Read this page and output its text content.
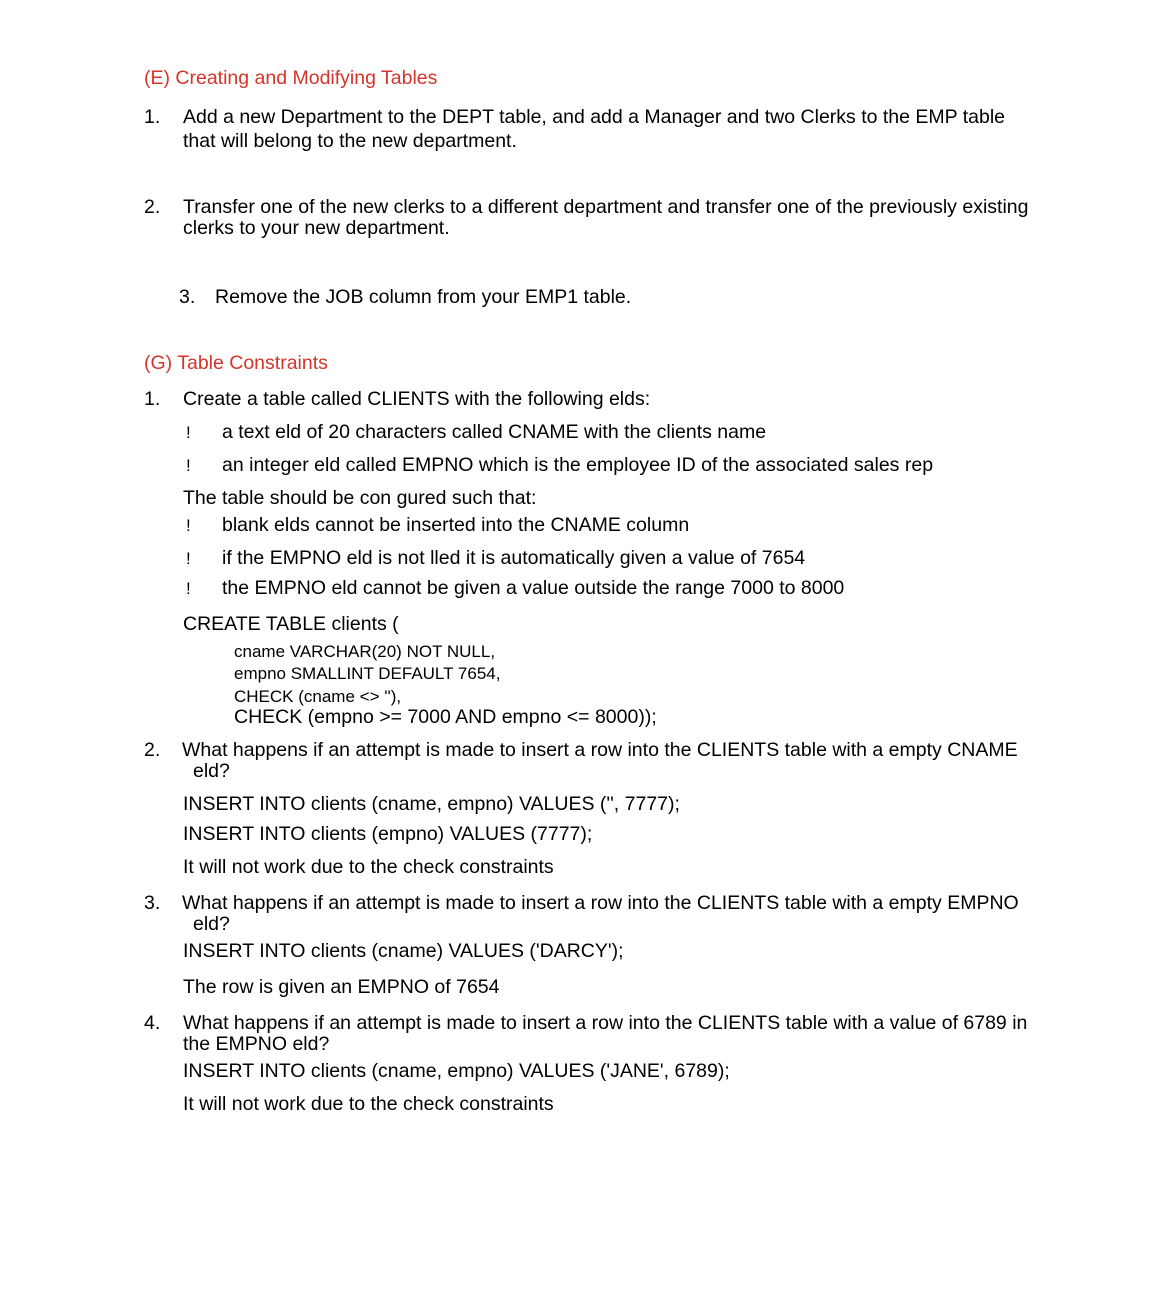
(E) Creating and Modifying Tables
1. Add a new Department to the DEPT table, and add a Manager and two Clerks to the EMP table
that will belong to the new department.
2. Transfer one of the new clerks to a different department and transfer one of the previously existing
clerks to your new department.
3. Remove the JOB column from your EMP1 table.
(G) Table Constraints
1. Create a table called CLIENTS with the following elds:
! a text eld of 20 characters called CNAME with the clients name
! an integer eld called EMPNO which is the employee ID of the associated sales rep
The table should be con gured such that:
! blank elds cannot be inserted into the CNAME column
! if the EMPNO eld is not lled it is automatically given a value of 7654
! the EMPNO eld cannot be given a value outside the range 7000 to 8000
CREATE TABLE clients (
cname VARCHAR(20) NOT NULL,
empno SMALLINT DEFAULT 7654,
CHECK (cname <> ''),
CHECK (empno >= 7000 AND empno <= 8000));
2. What happens if an attempt is made to insert a row into the CLIENTS table with a empty CNAME
eld?
INSERT INTO clients (cname, empno) VALUES ('', 7777);
INSERT INTO clients (empno) VALUES (7777);
It will not work due to the check constraints
3. What happens if an attempt is made to insert a row into the CLIENTS table with a empty EMPNO
eld?
INSERT INTO clients (cname) VALUES ('DARCY');
The row is given an EMPNO of 7654
4. What happens if an attempt is made to insert a row into the CLIENTS table with a value of 6789 in
the EMPNO eld?
INSERT INTO clients (cname, empno) VALUES ('JANE', 6789);
It will not work due to the check constraints
